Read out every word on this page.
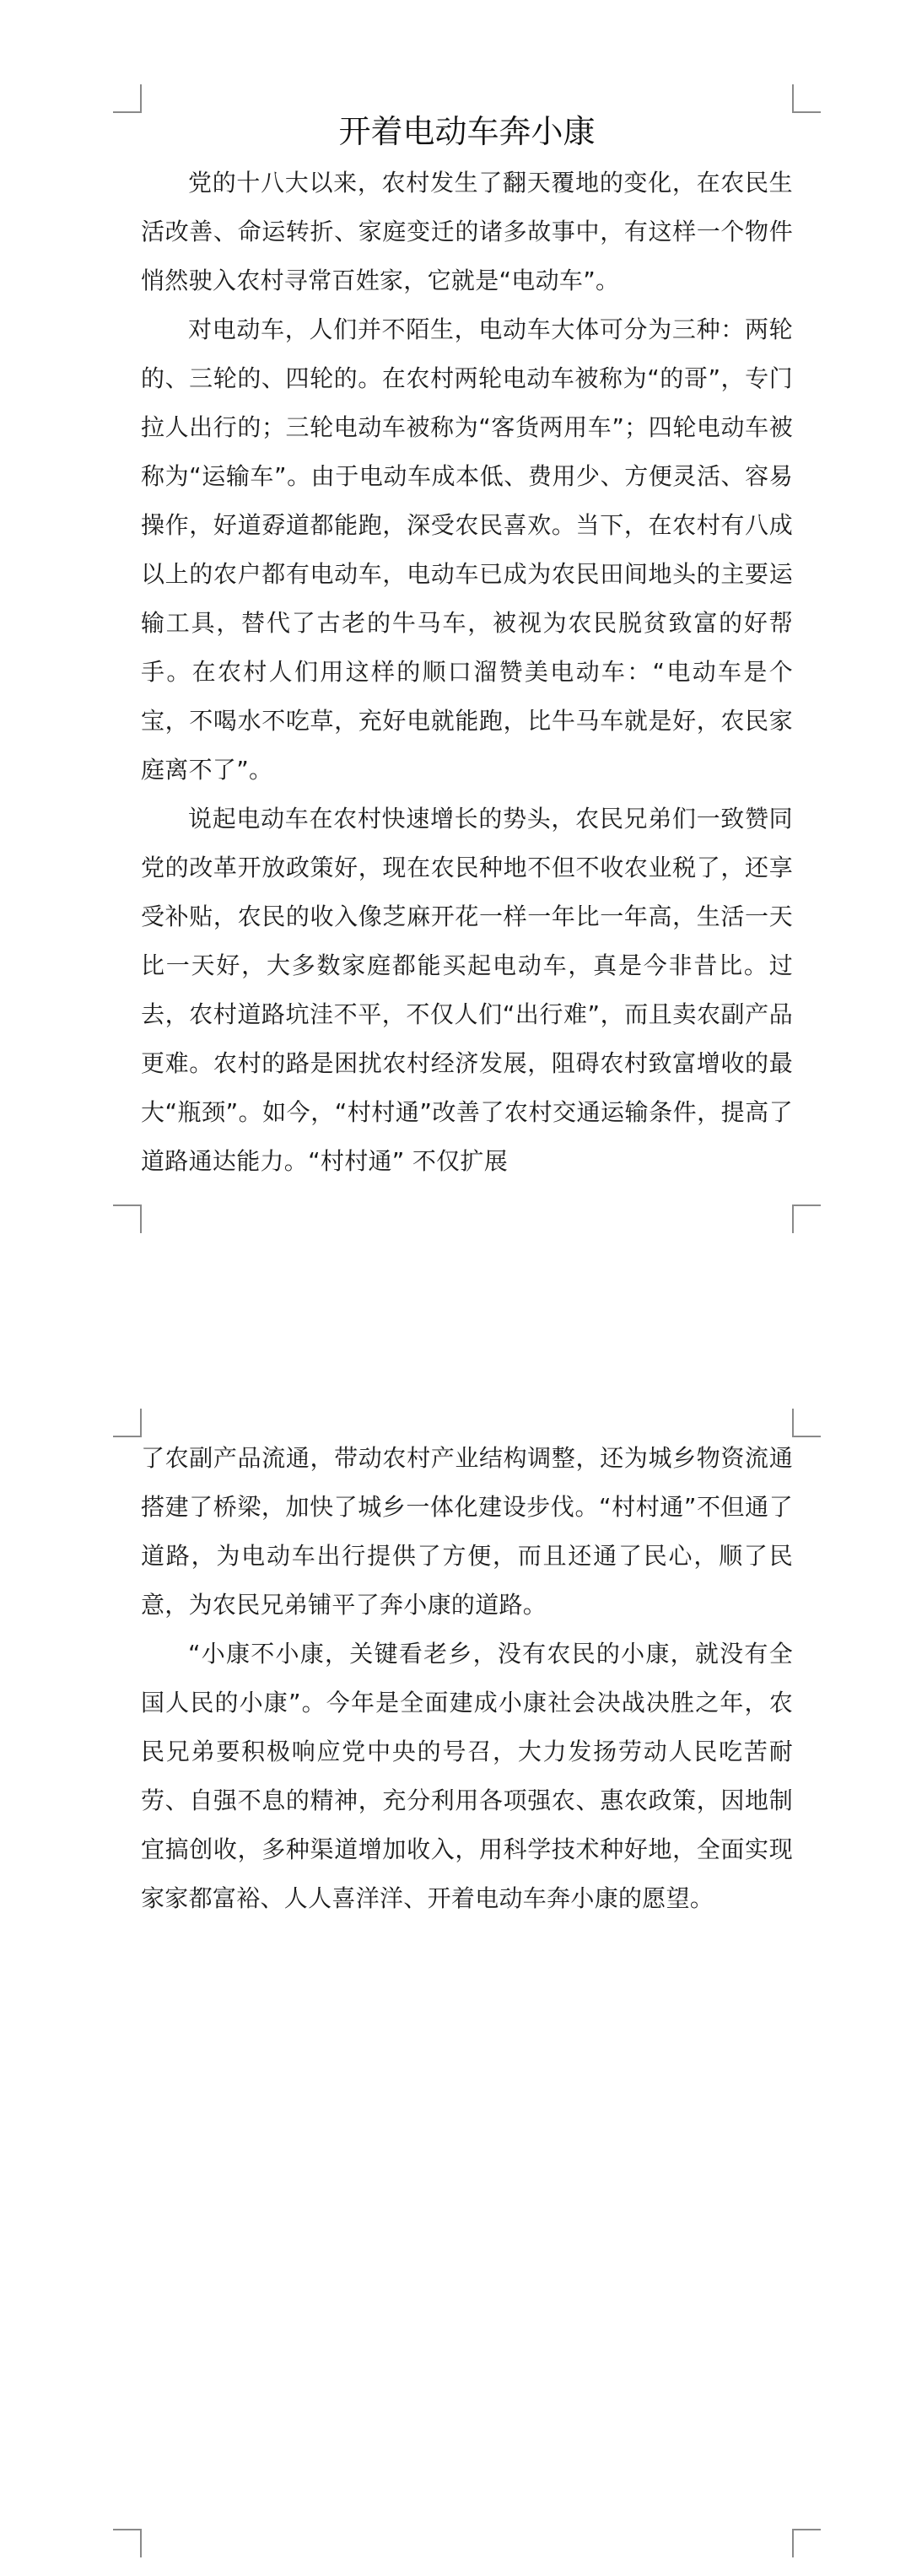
开着电动车奔小康

党的十八大以来，农村发生了翻天覆地的变化，在农民生活改善、命运转折、家庭变迁的诸多故事中，有这样一个物件悄然驶入农村寻常百姓家，它就是“电动车”。

对电动车，人们并不陌生，电动车大体可分为三种：两轮的、三轮的、四轮的。在农村两轮电动车被称为“的哥”，专门拉人出行的；三轮电动车被称为“客货两用车”；四轮电动车被称为“运输车”。由于电动车成本低、费用少、方便灵活、容易操作，好道孬道都能跑，深受农民喜欢。当下，在农村有八成以上的农户都有电动车，电动车已成为农民田间地头的主要运输工具，替代了古老的牛马车，被视为农民脱贫致富的好帮手。在农村人们用这样的顺口溜赞美电动车：“电动车是个宝，不喝水不吃草，充好电就能跑，比牛马车就是好，农民家庭离不了”。

说起电动车在农村快速增长的势头，农民兄弟们一致赞同党的改革开放政策好，现在农民种地不但不收农业税了，还享受补贴，农民的收入像芝麻开花一样一年比一年高，生活一天比一天好，大多数家庭都能买起电动车，真是今非昔比。过去，农村道路坑洼不平，不仅人们“出行难”，而且卖农副产品更难。农村的路是困扰农村经济发展，阻碍农村致富增收的最大“瓶颈”。如今，“村村通”改善了农村交通运输条件，提高了道路通达能力。“村村通” 不仅扩展

了农副产品流通，带动农村产业结构调整，还为城乡物资流通搭建了桥梁，加快了城乡一体化建设步伐。“村村通”不但通了道路，为电动车出行提供了方便，而且还通了民心，顺了民意，为农民兄弟铺平了奔小康的道路。

“小康不小康，关键看老乡，没有农民的小康，就没有全国人民的小康”。今年是全面建成小康社会决战决胜之年，农民兄弟要积极响应党中央的号召，大力发扬劳动人民吃苦耐劳、自强不息的精神，充分利用各项强农、惠农政策，因地制宜搞创收，多种渠道增加收入，用科学技术种好地，全面实现家家都富裕、人人喜洋洋、开着电动车奔小康的愿望。
